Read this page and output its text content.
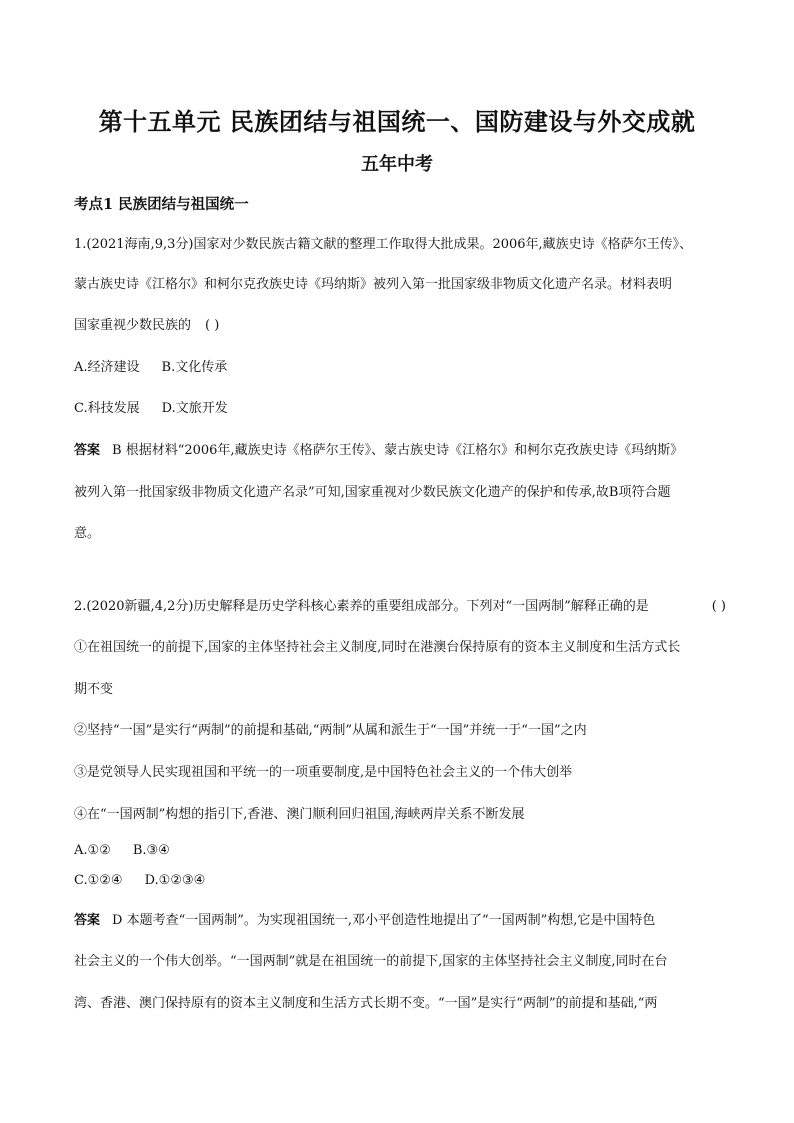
第十五单元 民族团结与祖国统一、国防建设与外交成就
五年中考
考点1 民族团结与祖国统一
1.(2021海南,9,3分)国家对少数民族古籍文献的整理工作取得大批成果。2006年,藏族史诗《格萨尔王传》、
蒙古族史诗《江格尔》和柯尔克孜族史诗《玛纳斯》被列入第一批国家级非物质文化遗产名录。材料表明
国家重视少数民族的 ( )
A.经济建设 B.文化传承
C.科技发展 D.文旅开发
答案 B 根据材料“2006年,藏族史诗《格萨尔王传》、蒙古族史诗《江格尔》和柯尔克孜族史诗《玛纳斯》
被列入第一批国家级非物质文化遗产名录”可知,国家重视对少数民族文化遗产的保护和传承,故B项符合题
意。
2.(2020新疆,4,2分)历史解释是历史学科核心素养的重要组成部分。下列对“一国两制”解释正确的是	( )
①在祖国统一的前提下,国家的主体坚持社会主义制度,同时在港澳台保持原有的资本主义制度和生活方式长
期不变
②坚持“一国”是实行“两制”的前提和基础,“两制”从属和派生于“一国”并统一于“一国”之内
③是党领导人民实现祖国和平统一的一项重要制度,是中国特色社会主义的一个伟大创举
④在“一国两制”构想的指引下,香港、澳门顺利回归祖国,海峡两岸关系不断发展
A.①② B.③④
C.①②④ D.①②③④
答案 D 本题考查“一国两制”。为实现祖国统一,邓小平创造性地提出了“一国两制”构想,它是中国特色
社会主义的一个伟大创举。“一国两制”就是在祖国统一的前提下,国家的主体坚持社会主义制度,同时在台
湾、香港、澳门保持原有的资本主义制度和生活方式长期不变。“一国”是实行“两制”的前提和基础,“两
